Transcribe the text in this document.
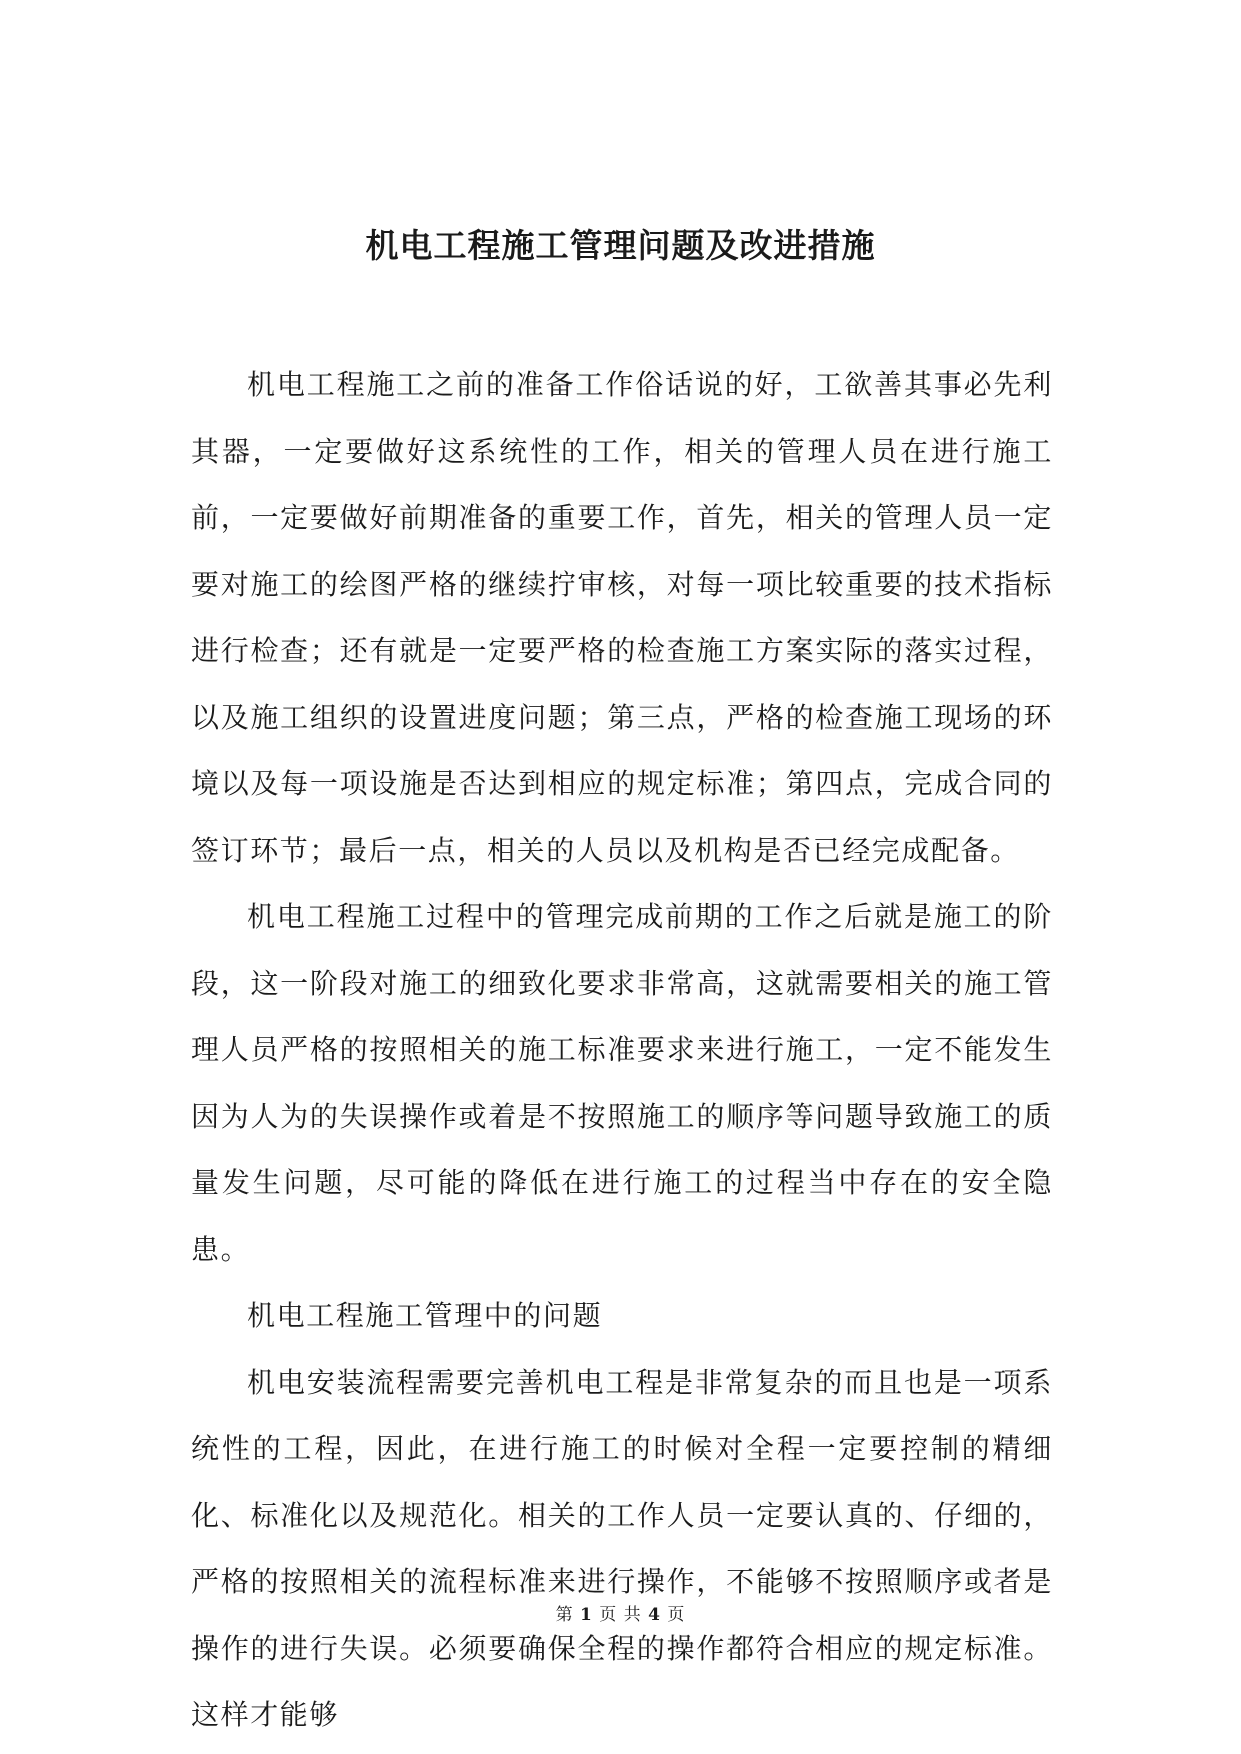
机电工程施工管理问题及改进措施

机电工程施工之前的准备工作俗话说的好，工欲善其事必先利其器，一定要做好这系统性的工作，相关的管理人员在进行施工前，一定要做好前期准备的重要工作，首先，相关的管理人员一定要对施工的绘图严格的继续拧审核，对每一项比较重要的技术指标进行检查；还有就是一定要严格的检查施工方案实际的落实过程，以及施工组织的设置进度问题；第三点，严格的检查施工现场的环境以及每一项设施是否达到相应的规定标准；第四点，完成合同的签订环节；最后一点，相关的人员以及机构是否已经完成配备。

机电工程施工过程中的管理完成前期的工作之后就是施工的阶段，这一阶段对施工的细致化要求非常高，这就需要相关的施工管理人员严格的按照相关的施工标准要求来进行施工，一定不能发生因为人为的失误操作或着是不按照施工的顺序等问题导致施工的质量发生问题，尽可能的降低在进行施工的过程当中存在的安全隐患。

机电工程施工管理中的问题

机电安装流程需要完善机电工程是非常复杂的而且也是一项系统性的工程，因此，在进行施工的时候对全程一定要控制的精细化、标准化以及规范化。相关的工作人员一定要认真的、仔细的，严格的按照相关的流程标准来进行操作，不能够不按照顺序或者是操作的进行失误。必须要确保全程的操作都符合相应的规定标准。这样才能够

第 1 页 共 4 页
